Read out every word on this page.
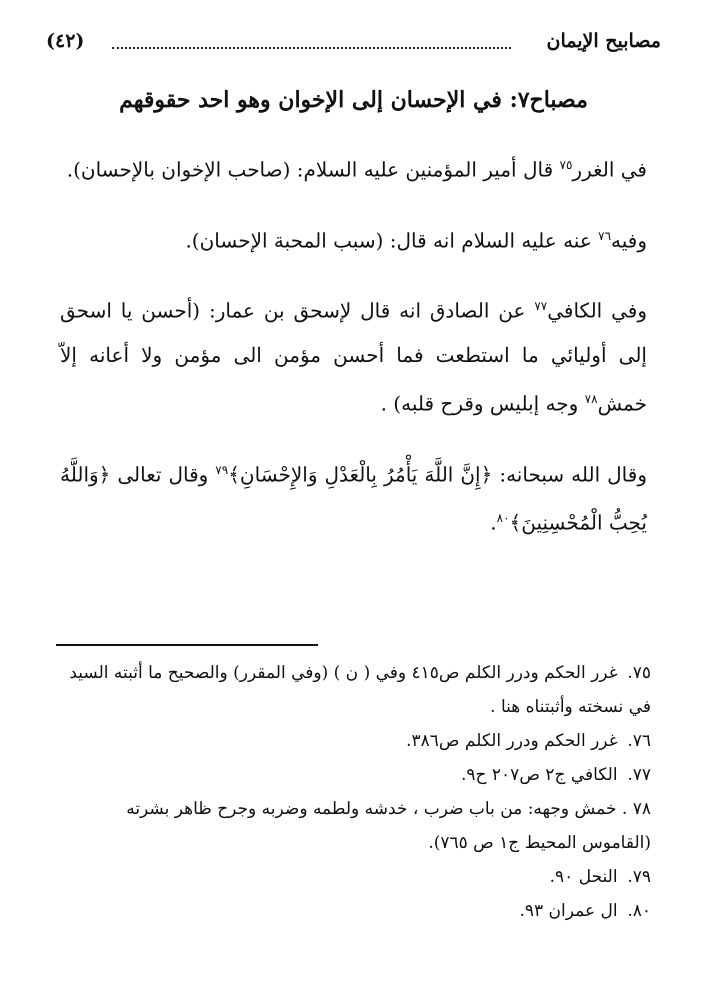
مصابيح الإيمان
(٤٢)
مصباح٧: في الإحسان إلى الإخوان وهو احد حقوقهم

في الغرر$^{٧٥}$ قال أمير المؤمنين عليه السلام: (صاحب الإخوان بالإحسان).

وفيه$^{٧٦}$ عنه عليه السلام انه قال: (سبب المحبة الإحسان).

وفي الكافي$^{٧٧}$ عن الصادق انه قال لإسحق بن عمار: (أحسن يا اسحق إلى أوليائي ما استطعت فما أحسن مؤمن الى مؤمن ولا أعانه إلاّ خمش$^{٧٨}$ وجه إبليس وقرح قلبه) .

وقال الله سبحانه: ﴿إِنَّ اللَّهَ يَأْمُرُ بِالْعَدْلِ وَالإِحْسَانِ﴾$^{٧٩}$ وقال تعالى ﴿وَاللَّهُ يُحِبُّ الْمُحْسِنِينَ﴾$^{٨٠}$.

٧٥. غرر الحكم ودرر الكلم ص٤١٥ وفي ( ن ) (وفي المقرر) والصحيح ما أثبته السيد في نسخته وأثبتناه هنا .
٧٦. غرر الحكم ودرر الكلم ص٣٨٦.
٧٧. الكافي ج٢ ص٢٠٧ ح٩.
٧٨ . خمش وجهه: من باب ضرب ، خدشه ولطمه وضربه وجرح ظاهر بشرته (القاموس المحيط ج١ ص ٧٦٥).
٧٩. النحل ٩٠.
٨٠. ال عمران ٩٣.
